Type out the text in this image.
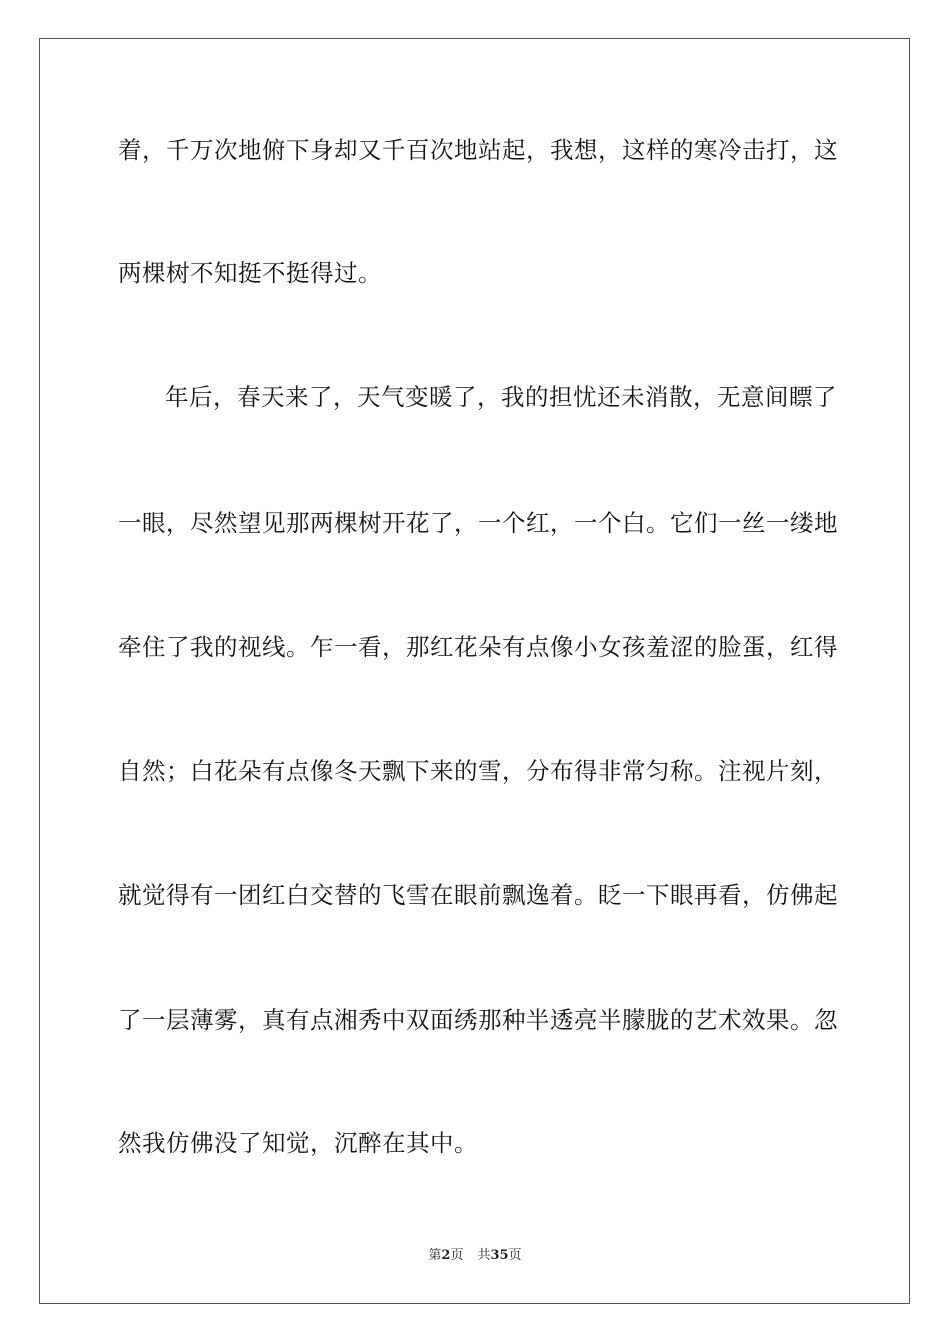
着，千万次地俯下身却又千百次地站起，我想，这样的寒冷击打，这
两棵树不知挺不挺得过。
年后，春天来了，天气变暖了，我的担忧还未消散，无意间瞟了
一眼，尽然望见那两棵树开花了，一个红，一个白。它们一丝一缕地
牵住了我的视线。乍一看，那红花朵有点像小女孩羞涩的脸蛋，红得
自然；白花朵有点像冬天飘下来的雪，分布得非常匀称。注视片刻，
就觉得有一团红白交替的飞雪在眼前飘逸着。眨一下眼再看，仿佛起
了一层薄雾，真有点湘秀中双面绣那种半透亮半朦胧的艺术效果。忽
然我仿佛没了知觉，沉醉在其中。
第2页 共35页
